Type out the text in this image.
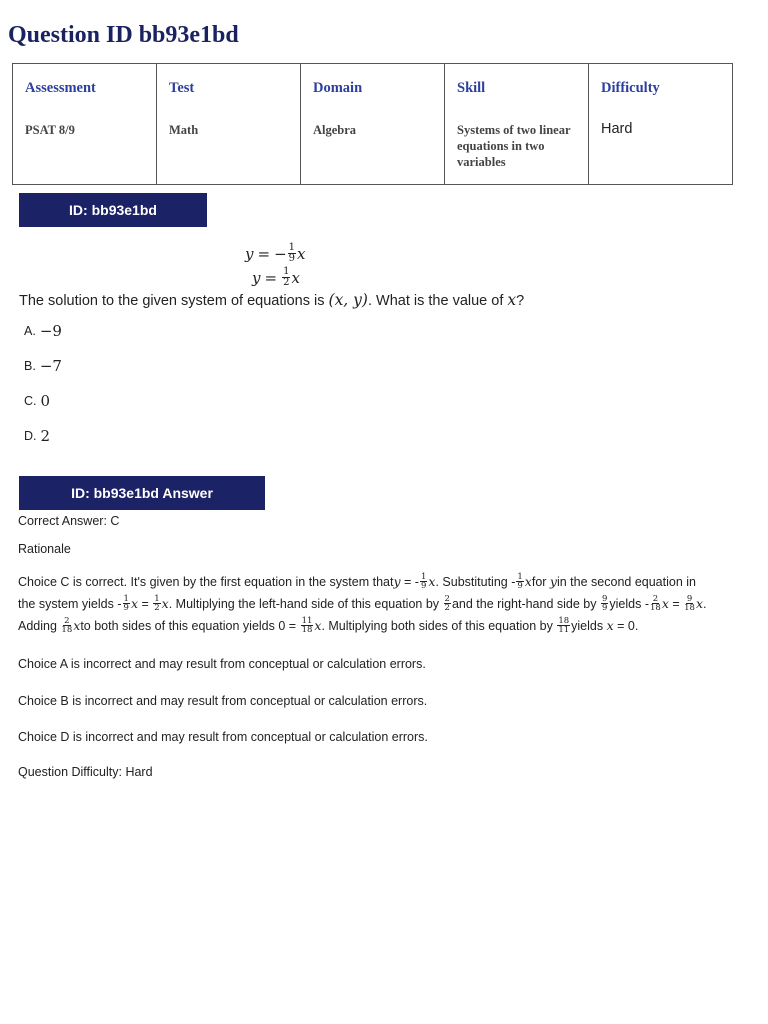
Question ID bb93e1bd
Assessment
PSAT 8/9

Test
Math

Domain
Algebra

Skill
Systems of two linear equations in two variables

Difficulty
Hard
ID: bb93e1bd
y = − $\frac{1}{9}$ x
$y = \frac{1}{2}$ x

The solution to the given system of equations is (x, y). What is the value of x?

A. −9
B. −7
C. 0
D. 2
ID: bb93e1bd Answer

Correct Answer: C

Rationale

Choice C is correct. It's given by the first equation in the system that y = - $\frac{1}{9}$ x . Substituting - $\frac{1}{9}$ x for
y in the second equation in
the system yields - $\frac{1}{9}$ $x = \frac{1}{2}$ x . Multiplying the left-hand side of this equation by
$\frac{2}{2}$ and the right-hand side by
$\frac{9}{9}$ yields - $\frac{2}{18}$ $x = \frac{9}{18}$ x .
Adding
$\frac{2}{18}$ x to both sides of this equation yields $0 = \frac{11}{18}$ x . Multiplying both sides of this equation by
$\frac{18}{11}$ yields
x = 0.

Choice A is incorrect and may result from conceptual or calculation errors.

Choice B is incorrect and may result from conceptual or calculation errors.

Choice D is incorrect and may result from conceptual or calculation errors.

Question Difficulty: Hard
